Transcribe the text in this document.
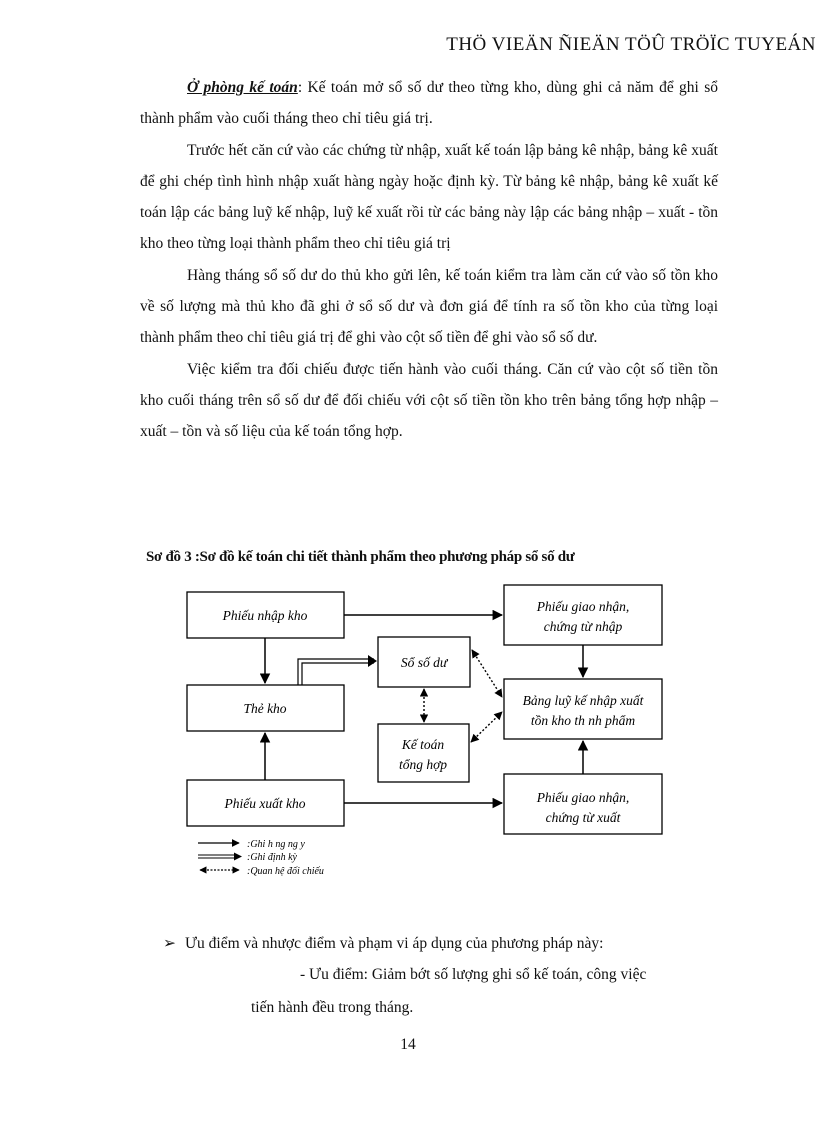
THÖ VIEÄN ÑIEÄN TÖÛ TRÖÏC TUYEÁN

Ở phòng kế toán: Kế toán mở sổ số dư theo từng kho, dùng ghi cả năm để ghi sổ thành phẩm vào cuối tháng theo chỉ tiêu giá trị.

Trước hết căn cứ vào các chứng từ nhập, xuất kế toán lập bảng kê nhập, bảng kê xuất để ghi chép tình hình nhập xuất hàng ngày hoặc định kỳ. Từ bảng kê nhập, bảng kê xuất kế toán lập các bảng luỹ kế nhập, luỹ kế xuất rồi từ các bảng này lập các bảng nhập – xuất - tồn kho theo từng loại thành phẩm theo chỉ tiêu giá trị

Hàng tháng sổ số dư do thủ kho gửi lên, kế toán kiểm tra làm căn cứ vào số tồn kho về số lượng mà thủ kho đã ghi ở sổ số dư và đơn giá để tính ra số tồn kho của từng loại thành phẩm theo chỉ tiêu giá trị để ghi vào cột số tiền để ghi vào sổ số dư.

Việc kiểm tra đối chiếu được tiến hành vào cuối tháng. Căn cứ vào cột số tiền tồn kho cuối tháng trên sổ số dư để đối chiếu với cột số tiền tồn kho trên bảng tổng hợp nhập – xuất – tồn và số liệu của kế toán tổng hợp.

Sơ đồ 3 :Sơ đồ kế toán chi tiết thành phẩm theo phương pháp sổ số dư
Phiếu nhập kho
Thẻ kho
Phiếu xuất kho
Sổ số dư
Kế toán
tổng hợp
Phiếu giao nhận,
chứng từ nhập
Bảng luỹ kế nhập xuất
tồn kho th nh phẩm
Phiếu giao nhận,
chứng từ xuất
:Ghi h ng ng y
:Ghi định kỳ
:Quan hệ đối chiếu
➢ Ưu điểm và nhược điểm và phạm vi áp dụng của phương pháp này:
- Ưu điểm: Giảm bớt số lượng ghi sổ kế toán, công việc
tiến hành đều trong tháng.
14
